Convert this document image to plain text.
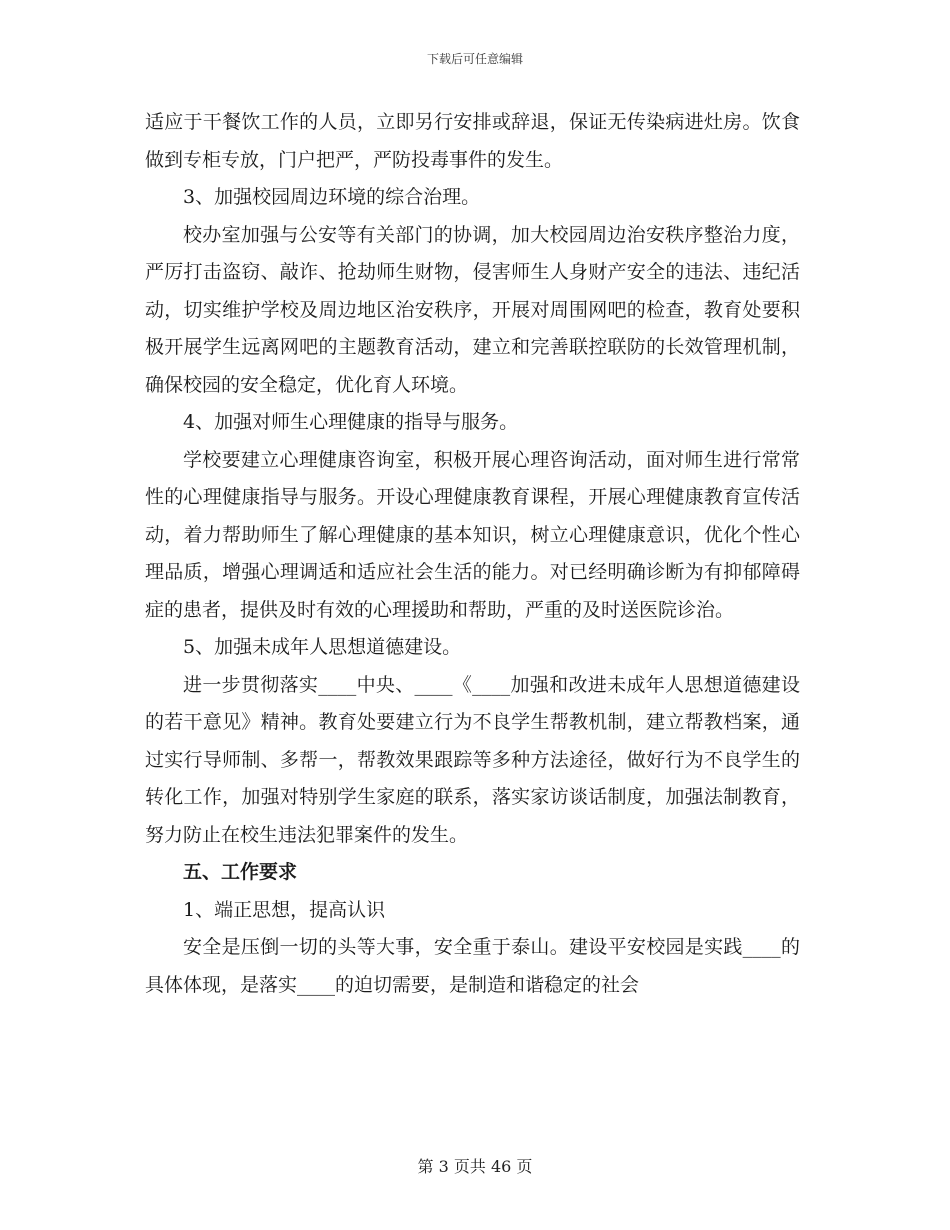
下载后可任意编辑

适应于干餐饮工作的人员，立即另行安排或辞退，保证无传染病进灶房。饮食做到专柜专放，门户把严，严防投毒事件的发生。

3、加强校园周边环境的综合治理。

校办室加强与公安等有关部门的协调，加大校园周边治安秩序整治力度，严厉打击盗窃、敲诈、抢劫师生财物，侵害师生人身财产安全的违法、违纪活动，切实维护学校及周边地区治安秩序，开展对周围网吧的检查，教育处要积极开展学生远离网吧的主题教育活动，建立和完善联控联防的长效管理机制，确保校园的安全稳定，优化育人环境。

4、加强对师生心理健康的指导与服务。

学校要建立心理健康咨询室，积极开展心理咨询活动，面对师生进行常常性的心理健康指导与服务。开设心理健康教育课程，开展心理健康教育宣传活动，着力帮助师生了解心理健康的基本知识，树立心理健康意识，优化个性心理品质，增强心理调适和适应社会生活的能力。对已经明确诊断为有抑郁障碍症的患者，提供及时有效的心理援助和帮助，严重的及时送医院诊治。

5、加强未成年人思想道德建设。

进一步贯彻落实____中央、____《____加强和改进未成年人思想道德建设的若干意见》精神。教育处要建立行为不良学生帮教机制，建立帮教档案，通过实行导师制、多帮一，帮教效果跟踪等多种方法途径，做好行为不良学生的转化工作，加强对特别学生家庭的联系，落实家访谈话制度，加强法制教育，努力防止在校生违法犯罪案件的发生。

五、工作要求

1、端正思想，提高认识

安全是压倒一切的头等大事，安全重于泰山。建设平安校园是实践____的具体体现，是落实____的迫切需要，是制造和谐稳定的社会

第 3 页共 46 页
